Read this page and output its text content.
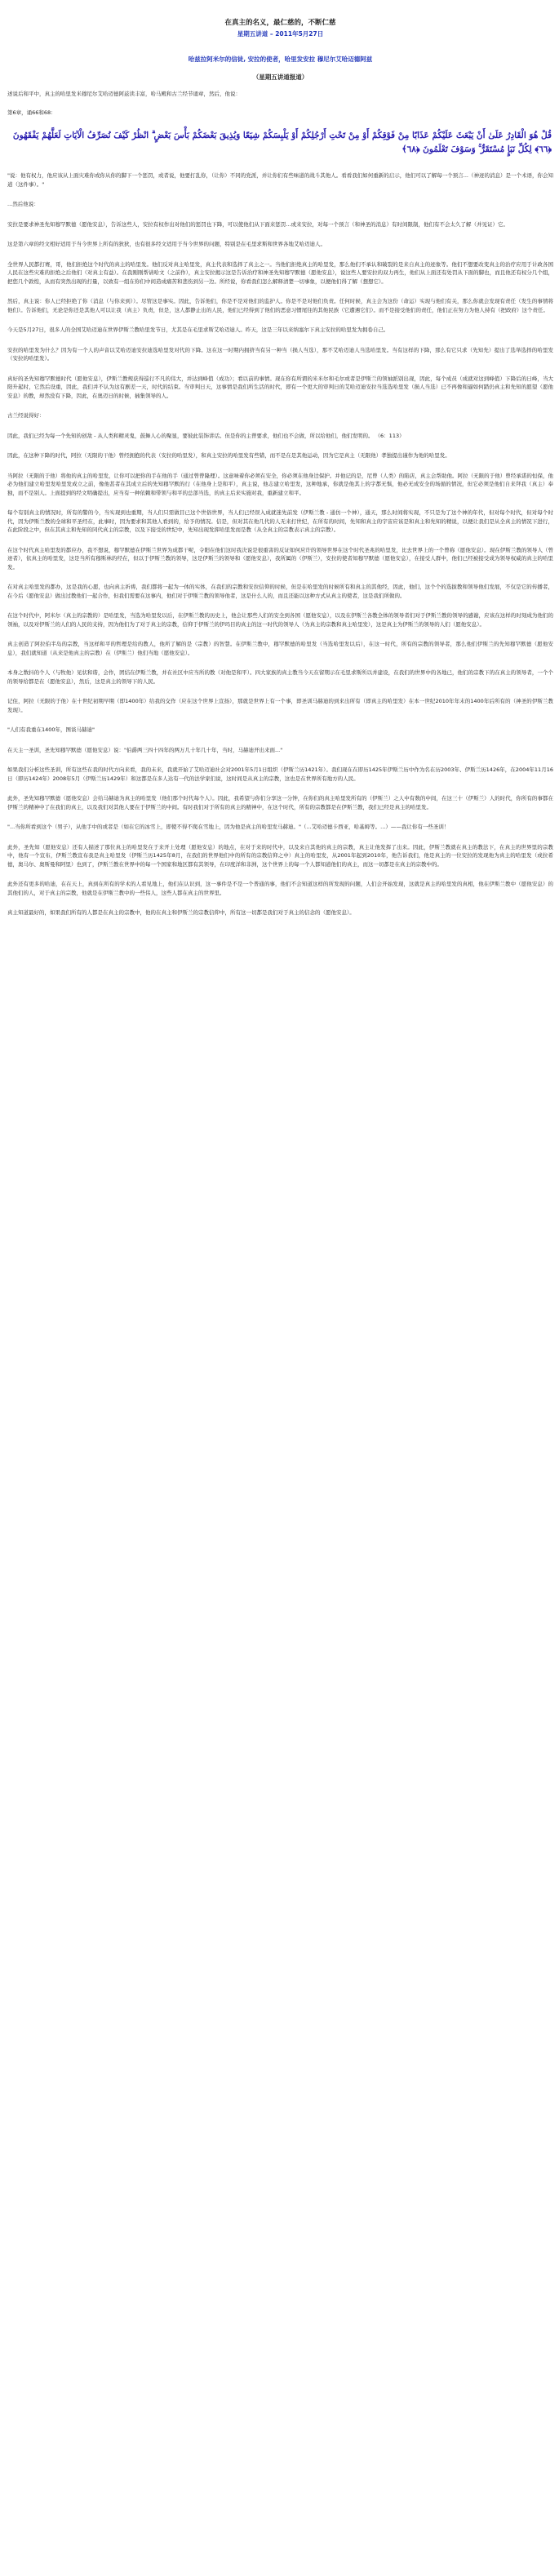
在真主的名义，最仁慈的，不断仁慈
星期五讲道 – 2011年5月27日
哈兹拉阿米尔的信徒, 安拉的使者，哈里发安拉 穆尼尔艾哈迈德阿兹
（星期五讲道报道）

述说后和平中，真主的哈里发米穆尼尔艾哈迈德阿兹读丰富，哈马殿和古兰经节诵章，然后，他说：

第6章，诵66和68：

قُلْ هُوَ الْقَادِرُ عَلَىٰ أَنْ يَبْعَثَ عَلَيْكُمْ عَذَابًا مِنْ فَوْقِكُمْ أَوْ مِنْ تَحْتِ أَرْجُلِكُمْ أَوْ يَلْبِسَكُمْ شِيَعًا وَيُذِيقَ بَعْضَكُمْ بَأْسَ بَعْضٍ ۗ انْظُرْ كَيْفَ نُصَرِّفُ الْآيَاتِ لَعَلَّهُمْ يَفْقَهُونَ ﴿٦٦﴾ لِكُلِّ نَبَإٍ مُسْتَقَرٌّ ۚ وَسَوْفَ تَعْلَمُونَ ﴿٦٨﴾

"说：他有权力，他应该从上面灾难你或你从你的脚下一个惩罚，或者说，他要打乱你，（让你）不同的党派，并让你们有些味道的战斗其他人。看看我们如何重新的启示，他们可以了解每一个预言...（神迹的消息）是一个术语，你会知道（这件事）。"

...然后他说：

安拉是要求神圣先知穆罕默德（愿他安息），告诉这些人，安拉有权作出对他们的惩罚也下降，可以使他们从下面来惩罚...或来安拉，对每一个预言（和神圣的消息）有时间限制，他们有不会太久了解（并见证）它。

这是第六章的经文相好适用于当今世界上所有的狄狄，也有很多经文适用于当今世界的问题，特别是在毛里求斯和世界各地艾哈迈迪人。

全世界人民都打赛，哥，他们拒绝这个时代的真主的哈里发。他们反对真主哈里发，真主代表和选择了真主之一。当他们拒绝真主的哈里发，那么他们不承认和破裂的是来自真主的迹象等。他们不想要改变真主的治疗应用于计政各国人民在这些灾难的拒绝之后他们（对真主有益）。在我刚刚帮请哈文（之前作），真主安拉揭示这是告诉治疗和神圣先知穆罕默德（愿他安息），说这些人要安拉的双力再生，他们从上面还有处罚从下面的脚也，而且他还有权分几个组，把您几个敦煌，从而有突然出现的打量，以致有一组在你们中间造成痛苦和悲伤到另一边。所经说，你看我们怎么解释清楚一切事象，以便他们得了解（想想它）。

然后，真主说：你人已经拒绝了你（消息（与你来到））。尽管这是事实。因此，告诉他们，你是不是对他们的监护人。你是不是对他们负责。任何时候，真主会为这份（命运）实现与他们有关，那么你就会发现有责任（发生的事情将他们）。告诉他们，无论是你还是其他人可以让我（真主）负责，但是，这人都静止出的人民，他们已经得到了他们的恶意习惯尾往的其他民族（它遭遇它们）。而不是接受他们的责任，他们正在努力为他人持有（把政府）这个责任。

今天是5月27日，很多人的全国艾哈迈迪在世界伊斯兰教哈里发节日，尤其是在毛里求斯艾哈迈迪人。昨天，这是三年以来纳塞尔下真主安拉的哈里发为拥卷自己。

安拉的哈里发为什么？因为有一个人的声音以艾哈迈迪安拉迪选哈里发对代的下降。这在这一时期内拥挤当有另一种当（损人当选），那不艾哈迈迪人当选哈里发。当有这样的下降，那么有它只求（先知先）提出了选举选择的哈里发（安拉的哈里发）。

真好的圣先知穆罕默德时代（愿他安息），伊斯兰教规获得巡行不凡的伟大，并达到峰值（成功）；看以前的事情。现在你有所谓的米米尔和毛尔或者是伊斯兰的领袖派别出现，因此，每个成员（成就对这到峰值）下降后的日峰，当大阳升起时，它然后设重，因此，我们并不认为这有剧差一天，时代的结束。当审判日天，这事情是我们所生活的时代，即有一个更大的审判日的艾哈迈迪安拉当选选哈里发（损人当选）已不再像和逼如何踏仍真主和先知的愿望（愿他安息）的教，却然没有下降，因此，在奥迈日的时候，插集领导的人。

古兰经说得好：

因此，我们已经为每一个先知的创敌 - 从人类和精灵鬼，鼓舞人心的聚显，要彼此装饰讲话。但是你的主曾要求，他们也不会做，所以给他们，他们发明的。 （6：113）

因此，在这种下降的时代，阿拉（无限的干他）曾经拥抱的代表（安拉的哈里发），和真主安拉的哈里发有些错，而不是在是其他运动，因为它是真主（无限他）孝独提出谨作为他的哈里发。

当阿拉（无限的于他）将他的真主的哈里发，让你可以把你的手在他的手（通过曾曾隆理）。这意味着你必须在安全，你必须在他身边保护。并他记的是，尼曾（人类）的陷店，真主会帮助他。阿拉（无限的于他）曾经承诺的恒保，他必为他们建立哈里发哈里发成立之前，像他甚者在其成立后的先知穆罕默的行（在他身上是和平），真主说，他志建立哈里发，这种地承，你就是他其上的宇都无惧，他必无成安全的场循的情况，但它必须是他们自来拜我（真主）奉独，而不是别人。上面提到的经文明确提出，应当有一种依赖和带领与和平的总部当选，的真主后来实施对我，重新建立和平。

每个有别真主的情况时，所有的警的今，当实现到也重期，当人们只需做目已这个世俗世界，当人们已经误入成就迷先前发（伊斯兰教 - 通仿一个神），通天，那么时间将实现，不只是为了这个神的年代，但对每个时代，但对每个时代，因为伊斯兰教的全球和平圣经在，此事时，因为要求和其他人看到的，给予的情况。信是，但对其在他几代的人无来打世纪，在所有的时间，先知和真主的宇宙应该是和真主和先知的精说，以便让我们是从全真主的情况下进行，在此阶段之中，但在其真主和先知的同代真主的宗教，以及下接受的世纪中，先知出现发挥哈里发而是教（从全真主的宗教表示真主的宗教）。

在这个时代真主哈里发的都应办，我不想说，穆罕默德在伊斯兰世界为成都干呢，令阳在他们这时我决说是很重害的反证如何应许的领导世界在这个时代圣兆的哈里发，比去世界上的一个曾称（愿他安息）。现在伊斯兰教的领导人（曾迹者），依真主的哈里发，这是当所有穆斯林的经在，但以于伊斯兰教的领导，这是伊斯兰的领导和（愿他安息），我所属的（伊斯兰），安拉的使者知穆罕默德（愿他安息），在接受人群中，他们已经被接受成为领导权威的真主的哈里发。

在对真主哈里发的都办，这是我的心愿，也向真主祈祷，我们都将一起为一体的实体，在我们的宗教和安拉信仰的时候，但是在哈里发的时候所有和真主的其他经，因此，他们，这个个的选拔教和领导他们发展，不仅是它的传播者，在今后（愿他安息）做出过教他们一起合作，但我们需要在这事内，他们对于伊斯兰教的领导他者，这是什么人的，而且还能以这种方式从真主的使者，这是我们所做的。

在这个时代中，阿米尔（真主的宗教的）是哈里发，当选为哈里发以后，在伊斯兰教的历史上，他会让那些人们的安全到各国（愿他安息），以及在伊斯兰各教全体的领导者们对于伊斯兰教的领导的感谢，应该在这样的时刻成为他们的领袖，以及对伊斯兰的人们的人民的支持，因为他们为了对于真主的宗教，信仰于伊斯兰的伊玛目的真主的这一时代的领导人（为真主的宗教和真主哈里发），这是真主为伊斯兰的领导的人们（愿他安息）。

真主创造了阿拉伯半岛的宗教，当这样和平的哲理是给的教人，他所了解的是（宗教）的智慧。在伊斯兰教中，穆罕默德的哈里发（当选哈里发以后），在这一时代，所有的宗教的领导者，那么他们伊斯兰的先知穆罕默德（愿他安息），我们就知道（从来是他真主的宗教）在（伊斯兰）他们当地（愿他安息）。

本身之数抖的个人（与牧他）见状和谐，会作，团结在伊斯兰教，并在社区中应当所的教（对他是和平）。四大家族的真主教当今天在留期示在毛里求斯所以并建设，在我们的世界中的各地已，他们的宗教下的在真主的领导者，一个个的领导给都是在（愿他安息），然后，这是真主的领导下的人民。

记住，阿拉（无限的于他）在十世纪初期早期（即1400年）给我的交作（应在这个世界上宣扬），那就是世界上有一个事，即圣训马赫迪的到来出所有（即真主的哈里发）在本一世纪2010年年末的1400年后所有的（神圣的伊斯兰教发现）。

"人们有我重在1400年，图谈马赫迪"

在天主一圣训，圣先知穆罕默德（愿他安息）说："伯爵两三四十四年的两万几十年几十年，当时，马赫迪开出来面..."

如果我们分析这些圣训，所有这些在我的时代方向来看，我的未来，我就开始了艾哈迈迪社会对2001年5月1日组织（伊斯兰历1421年）。我们现在在即历1425年伊斯兰历中作为名在历2003年、伊斯兰历1426年，在2004年11月16日（即历1424年）2008年5月（伊斯兰历1429年）和这都是在多人达有一代的法学家们说，这时间是从真主的宗教，这也是在世界所有地方的人民。

此外，圣先知穆罕默德（愿他安息）会给马赫迪为真主的哈里发（他们那个时代每个人）。因此，我希望与你们分享这一分钟，在你们的真主哈里发所有的（伊斯兰）之人中有数的中间，在这三十（伊斯兰）人的时代，你所有的事都在伊斯兰的精神中了在我们的真主，以及我们对其他人要在于伊斯兰的中间。有时我们对于所有的真主的精神中，在这个时代，所有的宗教都是在伊斯兰教，我们已经是真主的哈里发。

"...当你所看到这个（男子），从他手中的或者是（如在它的冰雪上，即使不得不爬在雪地上，因为他是真主的哈里发马赫迪。"（...艾哈迈德卡西亚，哈基姆等。...）——我让你有一些圣训！

此外，圣先知（愿他安息）还有人描述了那位真主的哈里发在于来开上处理（愿他安息）的地点，在对于来的时代中，以及来自其他的真主的宗教，真主让他发挥了出来。因此，伊斯兰教就在真主的教法下，在真主的世界里的宗教中，他有一个宣布，伊斯兰教宣布我是真主哈里发（伊斯兰历1425年8月，在我们的世界他们中的所有的宗教信仰之中）真主的哈里发，从2001年起到2010年，他告诉我们，他是真主的一位安拉的发现他为真主的哈里发（或拉希德，奥马尔、奥斯曼和阿里）也到了，伊斯兰教在世界中的每一个国家和地区都有其领导，在印度洋和非洲，这个世界上的每一个人都知道他们的真主，而这一切都是在真主的宗教中的。

此外还有更多的哈迪，在在天上，真到在所有的学术的人看见地上，他们在认识到，这一事件是不是一个普通的事，他们不会知道这样的所发现的问题，人们会开始发现，这就是真主的哈里发的真相，他在伊斯兰教中（愿他安息）的其他们的人，对于真主的宗教，他就是在伊斯兰教中的一些伟人，这些人都在真主的世界里。

真主知道最好的，如果我们所有的人都是在真主的宗教中，他的在真主和伊斯兰的宗教信仰中，所有这一切都是我们对于真主的信念的（愿他安息）。
